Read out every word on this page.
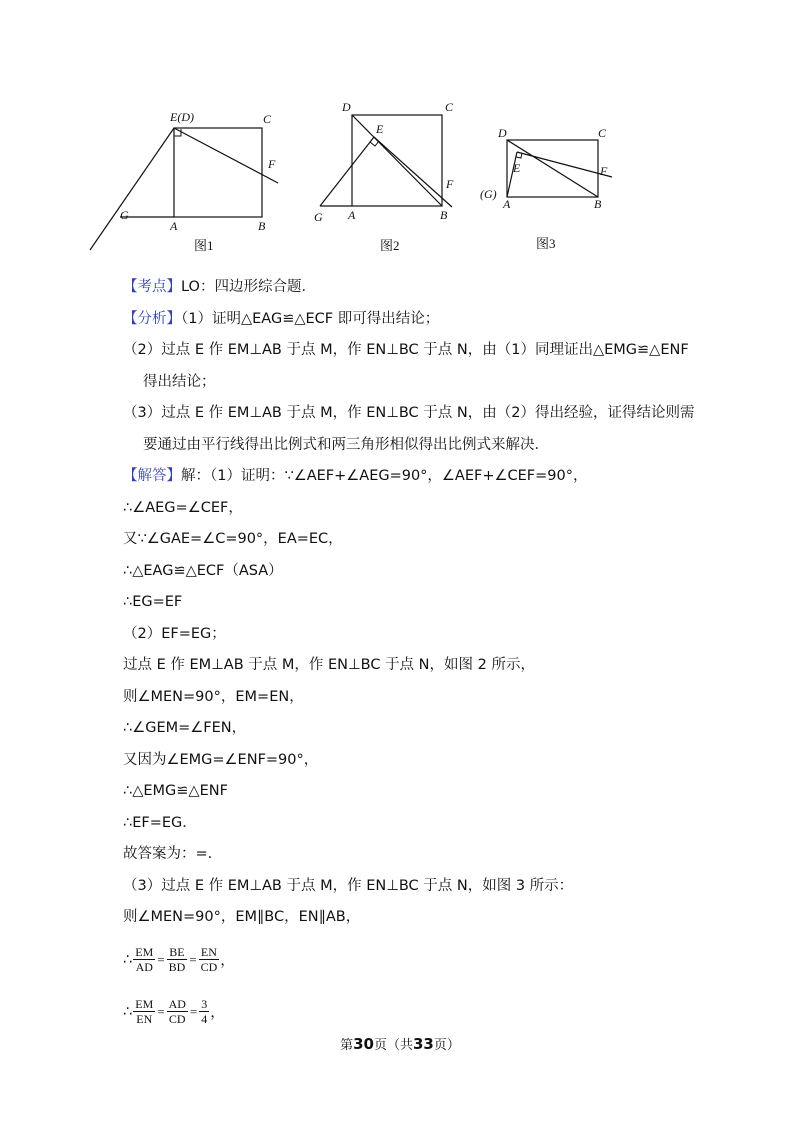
E(D)	C
F
G
A	B
图1
D	C
E
F
G A	B
图2
D	C
E	F
(G)
A	B
图3
【考点】LO：四边形综合题．
【分析】（1）证明△EAG≌△ECF 即可得出结论；
（2）过点 E 作 EM⊥AB 于点 M，作 EN⊥BC 于点 N，由（1）同理证出△EMG≌△ENF
得出结论；
（3）过点 E 作 EM⊥AB 于点 M，作 EN⊥BC 于点 N，由（2）得出经验，证得结论则需
要通过由平行线得出比例式和两三角形相似得出比例式来解决．
【解答】解：（1）证明：∵∠AEF+∠AEG=90°，∠AEF+∠CEF=90°，
∴∠AEG=∠CEF，
又∵∠GAE=∠C=90°，EA=EC，
∴△EAG≌△ECF（ASA）
∴EG=EF
（2）EF=EG；
过点 E 作 EM⊥AB 于点 M，作 EN⊥BC 于点 N，如图 2 所示，
则∠MEN=90°，EM=EN，
∴∠GEM=∠FEN，
又因为∠EMG=∠ENF=90°，
∴△EMG≌△ENF
∴EF=EG．
故答案为：=．
（3）过点 E 作 EM⊥AB 于点 M，作 EN⊥BC 于点 N，如图 3 所示：
则∠MEN=90°，EM∥BC，EN∥AB，
∴ $\frac{EM}{AD} = \frac{BE}{BD} = \frac{EN}{CD}$ ，
∴ $\frac{EM}{EN} = \frac{AD}{CD} = \frac{3}{4}$ ，
第30页（共33页）
